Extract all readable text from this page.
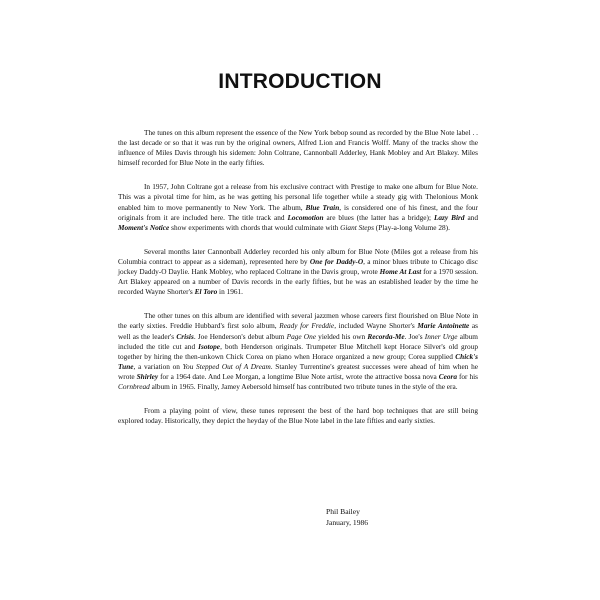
INTRODUCTION

The tunes on this album represent the essence of the New York bebop sound as recorded by the Blue Note label . . the last decade or so that it was run by the original owners, Alfred Lion and Francis Wolff. Many of the tracks show the influence of Miles Davis through his sidemen: John Coltrane, Cannonball Adderley, Hank Mobley and Art Blakey. Miles himself recorded for Blue Note in the early fifties.

In 1957, John Coltrane got a release from his exclusive contract with Prestige to make one album for Blue Note. This was a pivotal time for him, as he was getting his personal life together while a steady gig with Thelonious Monk enabled him to move permanently to New York. The album, Blue Train, is considered one of his finest, and the four originals from it are included here. The title track and Locomotion are blues (the latter has a bridge); Lazy Bird and Moment's Notice show experiments with chords that would culminate with Giant Steps (Play-a-long Volume 28).

Several months later Cannonball Adderley recorded his only album for Blue Note (Miles got a release from his Columbia contract to appear as a sideman), represented here by One for Daddy-O, a minor blues tribute to Chicago disc jockey Daddy-O Daylie. Hank Mobley, who replaced Coltrane in the Davis group, wrote Home At Last for a 1970 session. Art Blakey appeared on a number of Davis records in the early fifties, but he was an established leader by the time he recorded Wayne Shorter's El Toro in 1961.

The other tunes on this album are identified with several jazzmen whose careers first flourished on Blue Note in the early sixties. Freddie Hubbard's first solo album, Ready for Freddie, included Wayne Shorter's Marie Antoinette as well as the leader's Crisis. Joe Henderson's debut album Page One yielded his own Recorda-Me. Joe's Inner Urge album included the title cut and Isotope, both Henderson originals. Trumpeter Blue Mitchell kept Horace Silver's old group together by hiring the then-unkown Chick Corea on piano when Horace organized a new group; Corea supplied Chick's Tune, a variation on You Stepped Out of A Dream. Stanley Turrentine's greatest successes were ahead of him when he wrote Shirley for a 1964 date. And Lee Morgan, a longtime Blue Note artist, wrote the attractive bossa nova Ceora for his Cornbread album in 1965. Finally, Jamey Aebersold himself has contributed two tribute tunes in the style of the era.

From a playing point of view, these tunes represent the best of the hard bop techniques that are still being explored today. Historically, they depict the heyday of the Blue Note label in the late fifties and early sixties.

Phil Bailey
January, 1986
